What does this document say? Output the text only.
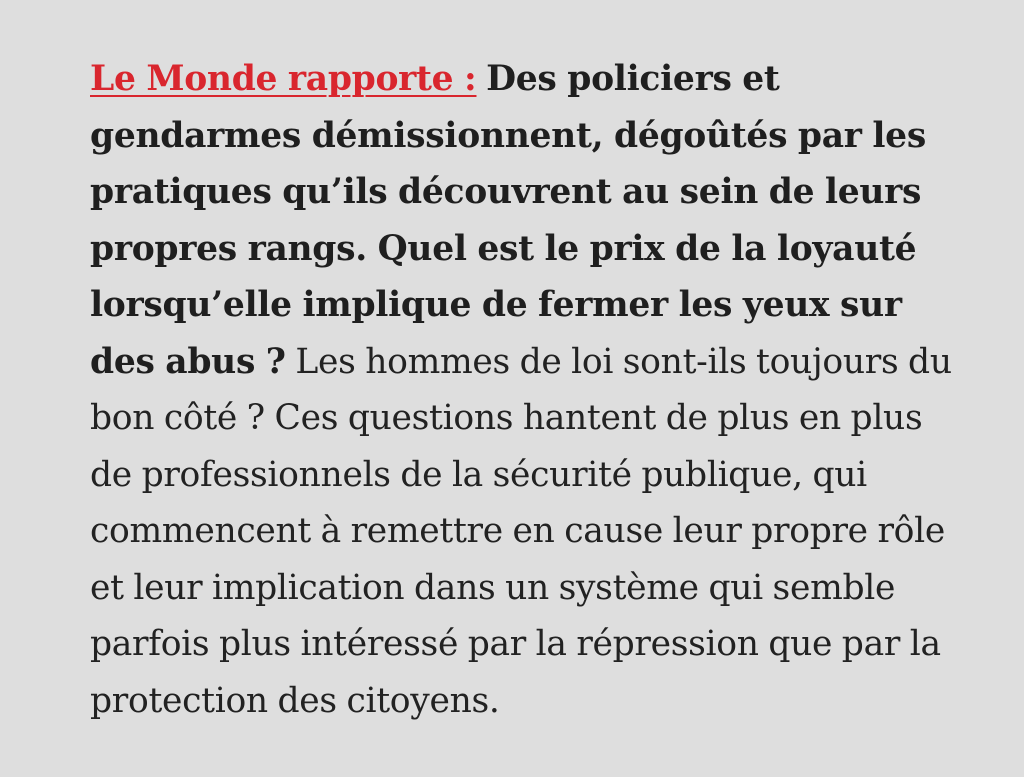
Le Monde rapporte : Des policiers et gendarmes démissionnent, dégoûtés par les pratiques qu’ils découvrent au sein de leurs propres rangs. Quel est le prix de la loyauté lorsqu’elle implique de fermer les yeux sur des abus ? Les hommes de loi sont-ils toujours du bon côté ? Ces questions hantent de plus en plus de professionnels de la sécurité publique, qui commencent à remettre en cause leur propre rôle et leur implication dans un système qui semble parfois plus intéressé par la répression que par la protection des citoyens.
